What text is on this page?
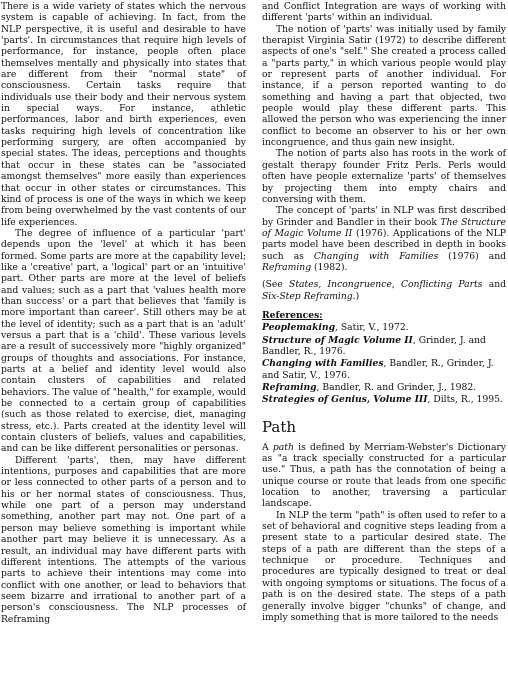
There is a wide variety of states which the nervous system is capable of achieving. In fact, from the NLP perspective, it is useful and desirable to have 'parts'. In circumstances that require high levels of performance, for instance, people often place themselves mentally and physically into states that are different from their "normal state" of consciousness. Certain tasks require that individuals use their body and their nervous system in special ways. For instance, athletic performances, labor and birth experiences, even tasks requiring high levels of concentration like performing surgery, are often accompanied by special states. The ideas, perceptions and thoughts that occur in these states can be "associated amongst themselves" more easily than experiences that occur in other states or circumstances. This kind of process is one of the ways in which we keep from being overwhelmed by the vast contents of our life experiences.

The degree of influence of a particular 'part' depends upon the 'level' at which it has been formed. Some parts are more at the capability level; like a 'creative' part, a 'logical' part or an 'intuitive' part. Other parts are more at the level of beliefs and values; such as a part that 'values health more than success' or a part that believes that 'family is more important than career'. Still others may be at the level of identity; such as a part that is an 'adult' versus a part that is a 'child'. These various levels are a result of successively more "highly organized" groups of thoughts and associations. For instance, parts at a belief and identity level would also contain clusters of capabilities and related behaviors. The value of "health," for example, would be connected to a certain group of capabilities (such as those related to exercise, diet, managing stress, etc.). Parts created at the identity level will contain clusters of beliefs, values and capabilities, and can be like different personalities or personas.

Different 'parts', then, may have different intentions, purposes and capabilities that are more or less connected to other parts of a person and to his or her normal states of consciousness. Thus, while one part of a person may understand something, another part may not. One part of a person may believe something is important while another part may believe it is unnecessary. As a result, an individual may have different parts with different intentions. The attempts of the various parts to achieve their intentions may come into conflict with one another, or lead to behaviors that seem bizarre and irrational to another part of a person's consciousness. The NLP processes of Reframing

and Conflict Integration are ways of working with different 'parts' within an individual.

The notion of 'parts' was initially used by family therapist Virginia Satir (1972) to describe different aspects of one's "self." She created a process called a "parts party," in which various people would play or represent parts of another individual. For instance, if a person reported wanting to do something and having a part that objected, two people would play these different parts. This allowed the person who was experiencing the inner conflict to become an observer to his or her own incongruence, and thus gain new insight.

The notion of parts also has roots in the work of gestalt therapy founder Fritz Perls. Perls would often have people externalize 'parts' of themselves by projecting them into empty chairs and conversing with them.

The concept of 'parts' in NLP was first described by Grinder and Bandler in their book The Structure of Magic Volume II (1976). Applications of the NLP parts model have been described in depth in books such as Changing with Families (1976) and Reframing (1982).

(See States, Incongruence, Conflicting Parts and Six-Step Reframing.)

References:

Peoplemaking, Satir, V., 1972.

Structure of Magic Volume II, Grinder, J. and Bandler, R., 1976.

Changing with Families, Bandler, R., Grinder, J. and Satir, V., 1976.

Reframing, Bandler, R. and Grinder, J., 1982.

Strategies of Genius, Volume III, Dilts, R., 1995.

Path

A path is defined by Merriam-Webster's Dictionary as "a track specially constructed for a particular use." Thus, a path has the connotation of being a unique course or route that leads from one specific location to another, traversing a particular landscape.

In NLP the term "path" is often used to refer to a set of behavioral and cognitive steps leading from a present state to a particular desired state. The steps of a path are different than the steps of a technique or procedure. Techniques and procedures are typically designed to treat or deal with ongoing symptoms or situations. The focus of a path is on the desired state. The steps of a path generally involve bigger "chunks" of change, and imply something that is more tailored to the needs
